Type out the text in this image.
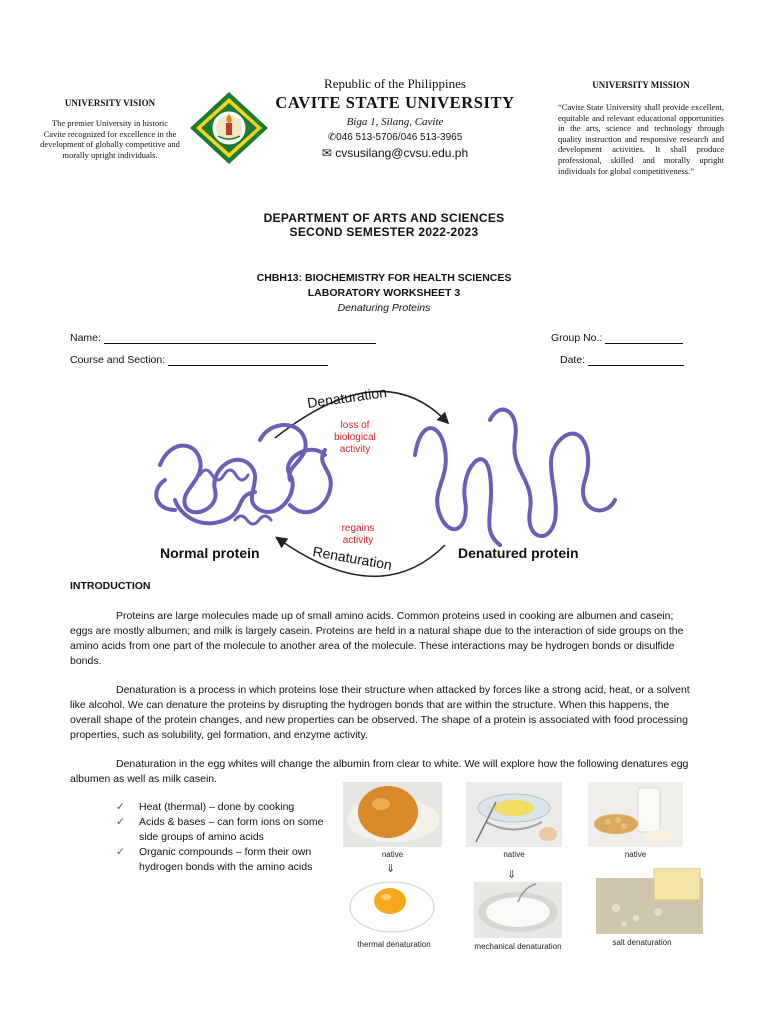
UNIVERSITY VISION
The premier University in historic Cavite recognized for excellence in the development of globally competitive and morally upright individuals.
Republic of the Philippines
CAVITE STATE UNIVERSITY
Biga 1, Silang, Cavite
✆046 513-5706/046 513-3965
✉ cvsusilang@cvsu.edu.ph
UNIVERSITY MISSION
“Cavite State University shall provide excellent, equitable and relevant educational opportunities in the arts, science and technology through quality instruction and responsive research and development activities. It shall produce professional, skilled and morally upright individuals for global competitiveness.”
DEPARTMENT OF ARTS AND SCIENCES
SECOND SEMESTER 2022-2023
CHBH13: BIOCHEMISTRY FOR HEALTH SCIENCES
LABORATORY WORKSHEET 3
Denaturing Proteins
Name:	Group No.:
Course and Section:	Date:
Denaturation
loss of
biological
activity
regains
activity
Renaturation
Normal protein	Denatured protein
INTRODUCTION

Proteins are large molecules made up of small amino acids. Common proteins used in cooking are albumen and casein; eggs are mostly albumen; and milk is largely casein. Proteins are held in a natural shape due to the interaction of side groups on the amino acids from one part of the molecule to another area of the molecule. These interactions may be hydrogen bonds or disulfide bonds.

Denaturation is a process in which proteins lose their structure when attacked by forces like a strong acid, heat, or a solvent like alcohol. We can denature the proteins by disrupting the hydrogen bonds that are within the structure. When this happens, the overall shape of the protein changes, and new properties can be observed. The shape of a protein is associated with food processing properties, such as solubility, gel formation, and enzyme activity.

Denaturation in the egg whites will change the albumin from clear to white. We will explore how the following denatures egg albumen as well as milk casein.

✓ Heat (thermal) – done by cooking
✓ Acids & bases – can form ions on some side groups of amino acids
✓ Organic compounds – form their own hydrogen bonds with the amino acids
native	native	native
⇓	⇓
thermal denaturation	mechanical denaturation	salt denaturation
